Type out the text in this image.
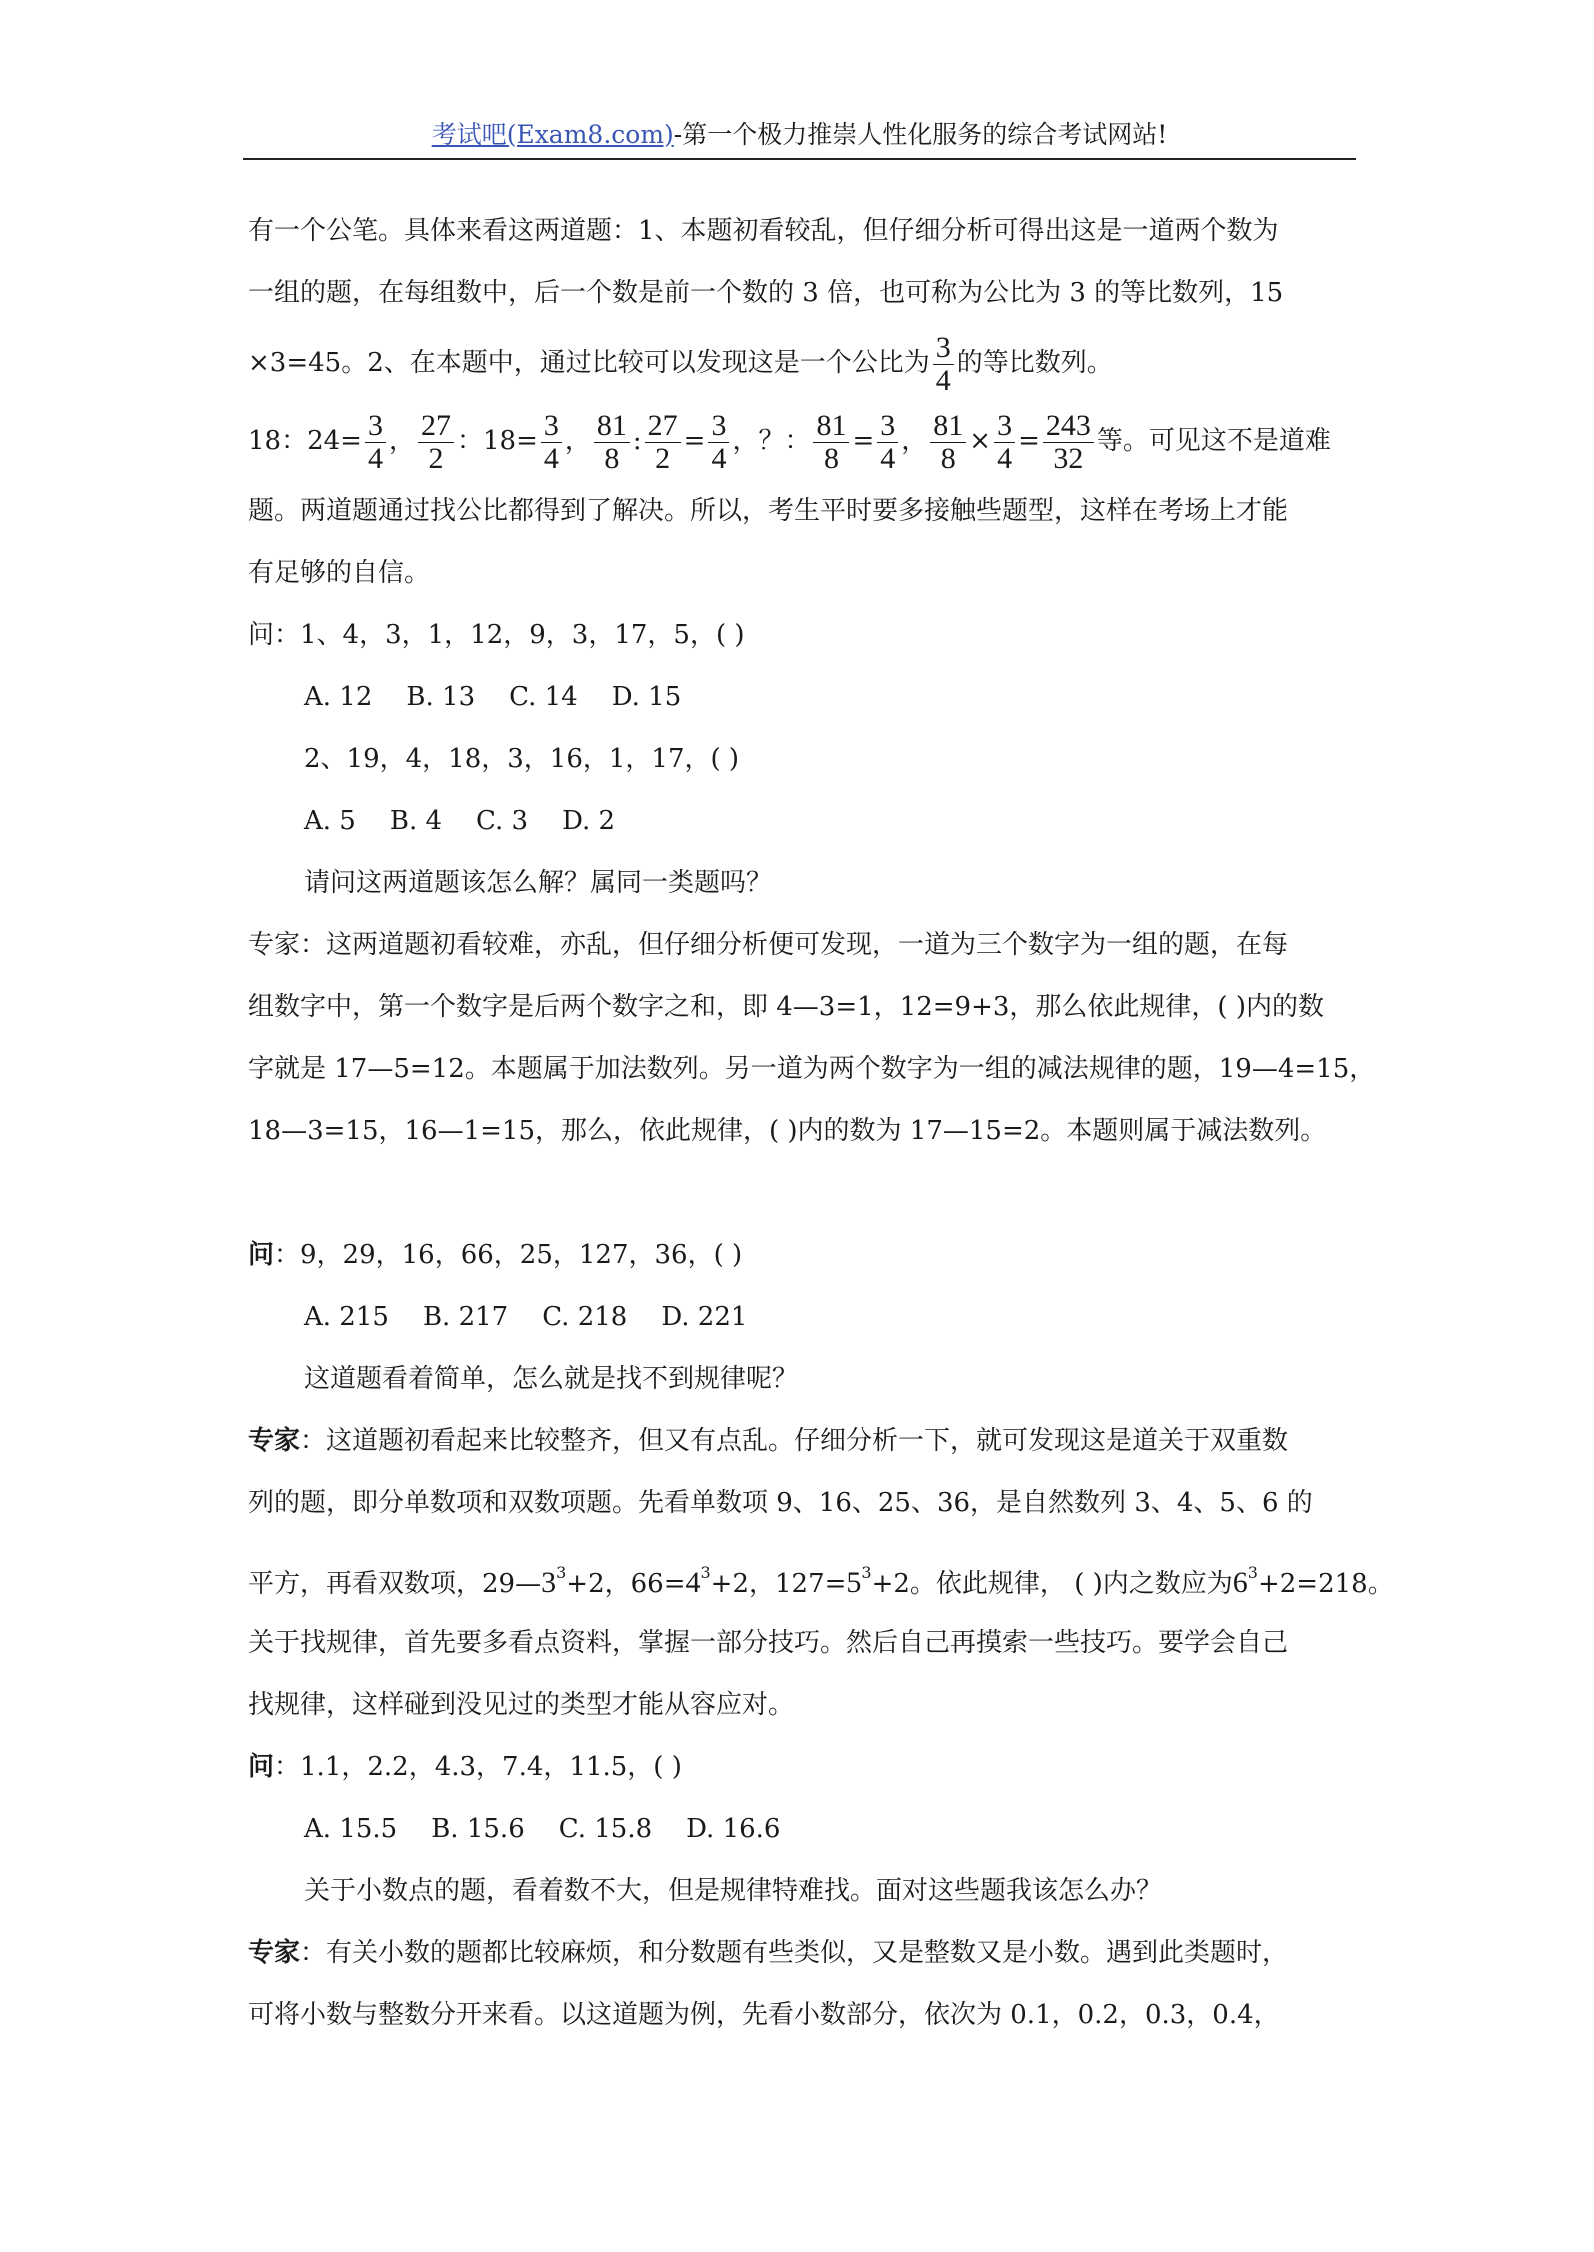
考试吧(Exam8.com)-第一个极力推崇人性化服务的综合考试网站!
有一个公笔。具体来看这两道题：1、本题初看较乱，但仔细分析可得出这是一道两个数为
一组的题，在每组数中，后一个数是前一个数的 3 倍，也可称为公比为 3 的等比数列，15
×3=45。2、在本题中，通过比较可以发现这是一个公比为 $\frac{3}{4}$ 的等比数列。
18：$24= \frac{3}{4}$ ， $\frac{27}{2}$ ：$18= \frac{3}{4}$ ， $\frac{81}{8}$ : $\frac{27}{2} = \frac{3}{4}$ ，？： $\frac{81}{8} = \frac{3}{4}$ ， $\frac{81}{8} \times \frac{3}{4} = \frac{243}{32}$ 等。可见这不是道难
题。两道题通过找公比都得到了解决。所以，考生平时要多接触些题型，这样在考场上才能
有足够的自信。
问：1、4，3，1，12，9，3，17，5，( )
A. 12 B. 13 C. 14 D. 15
2、19，4，18，3，16，1，17，( )
A. 5 B. 4 C. 3 D. 2
请问这两道题该怎么解？属同一类题吗？
专家：这两道题初看较难，亦乱，但仔细分析便可发现，一道为三个数字为一组的题，在每
组数字中，第一个数字是后两个数字之和，即 4—3=1，12=9+3，那么依此规律，( )内的数
字就是 17—5=12。本题属于加法数列。另一道为两个数字为一组的减法规律的题，19—4=15，
18—3=15，16—1=15，那么，依此规律，( )内的数为 17—15=2。本题则属于减法数列。
问：9，29，16，66，25，127，36，( )
A. 215 B. 217 C. 218 D. 221
这道题看着简单，怎么就是找不到规律呢？
专家：这道题初看起来比较整齐，但又有点乱。仔细分析一下，就可发现这是道关于双重数
列的题，即分单数项和双数项题。先看单数项 9、16、25、36，是自然数列 3、4、5、6 的
平方，再看双数项，$29—3^3+2$，$66=4^3+2$，$127=5^3+2$。依此规律， ( )内之数应为$6^3+2=218$。
关于找规律，首先要多看点资料，掌握一部分技巧。然后自己再摸索一些技巧。要学会自己
找规律，这样碰到没见过的类型才能从容应对。
问：1.1，2.2，4.3，7.4，11.5，( )
A. 15.5 B. 15.6 C. 15.8 D. 16.6
关于小数点的题，看着数不大，但是规律特难找。面对这些题我该怎么办？
专家：有关小数的题都比较麻烦，和分数题有些类似，又是整数又是小数。遇到此类题时，
可将小数与整数分开来看。以这道题为例，先看小数部分，依次为 0.1，0.2，0.3，0.4，
